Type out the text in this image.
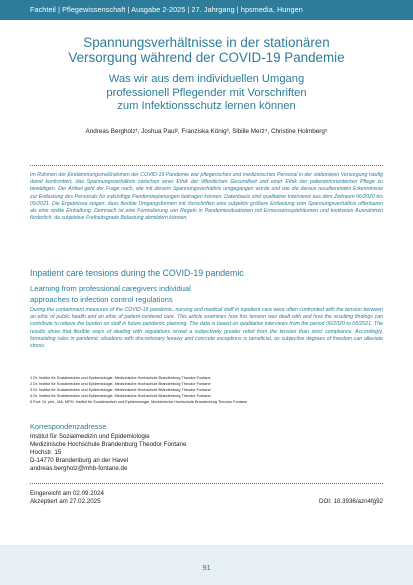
Fachteil | Pflegewissenschaft | Ausgabe 2-2025 | 27. Jahrgang | hpsmedia, Hungen
Spannungsverhältnisse in der stationären
Versorgung während der COVID-19 Pandemie
Was wir aus dem individuellen Umgang
professionell Pflegender mit Vorschriften
zum Infektionsschutz lernen können
Andreas Bergholz¹, Joshua Paul², Franziska König³, Sibille Merz⁴, Christine Holmberg⁵
Im Rahmen der Eindämmungsmaßnahmen der COVID-19 Pandemie war pflegerisches und medizinisches Personal in der stationären Versorgung häufig damit konfrontiert, das Spannungsverhältnis zwischen einer Ethik der öffentlichen Gesundheit und einer Ethik der patientenorientierten Pflege zu bewältigen. Der Artikel geht der Frage nach, wie mit diesem Spannungsverhältnis umgegangen wurde und wie die daraus resultierenden Erkenntnisse zur Entlastung des Personals für zukünftige Pandemieplanungen beitragen können. Datenbasis sind qualitative Interviews aus dem Zeitraum 06/2020 bis 05/2021. Die Ergebnisse zeigen, dass flexible Umgangsformen mit Vorschriften eine subjektiv größere Entlastung vom Spannungsverhältnis offenbaren als eine strikte Einhaltung. Demnach ist eine Formulierung von Regeln in Pandemiesituationen mit Ermessensspielräumen und konkreten Ausnahmen förderlich, da subjektive Freiheitsgrade Belastung abmildern können.
Inpatient care tensions during the COVID-19 pandemic
Learning from professional caregivers individual
approaches to infection control regulations
During the containment measures of the COVID-19 pandemic, nursing and medical staff in inpatient care were often confronted with the tension between an ethic of public health and an ethic of patient-centered care. This article examines how this tension was dealt with and how the resulting findings can contribute to relieve the burden on staff in future pandemic planning. The data is based on qualitative interviews from the period 06/2020 to 05/2021. The results show that flexible ways of dealing with regulations reveal a subjectively greater relief from the tension than strict compliance. Accordingly, formulating rules in pandemic situations with discretionary leeway and concrete exceptions is beneficial, as subjective degrees of freedom can alleviate stress.
1 Dr. Institut für Sozialmedizin und Epidemiologie, Medizinische Hochschule Brandenburg Theodor Fontane
2 Dr. Institut für Sozialmedizin und Epidemiologie, Medizinische Hochschule Brandenburg Theodor Fontane
3 Dr. Institut für Sozialmedizin und Epidemiologie, Medizinische Hochschule Brandenburg Theodor Fontane
4 Dr. Institut für Sozialmedizin und Epidemiologie, Medizinische Hochschule Brandenburg Theodor Fontane
5 Prof. Dr. phil., MA, MPH, Institut für Sozialmedizin und Epidemiologie, Medizinische Hochschule Brandenburg Theodor Fontane
Korrespondenzadresse
Institut für Sozialmedizin und Epidemiologie
Medizinische Hochschule Brandenburg Theodor Fontane
Hochstr. 15
D-14770 Brandenburg an der Havel
andreas.bergholz@mhb-fontane.de
Eingereicht am 02.09.2024
Akzeptiert am 27.02.2025	DOI: 10.3936/azn4fg92
91
